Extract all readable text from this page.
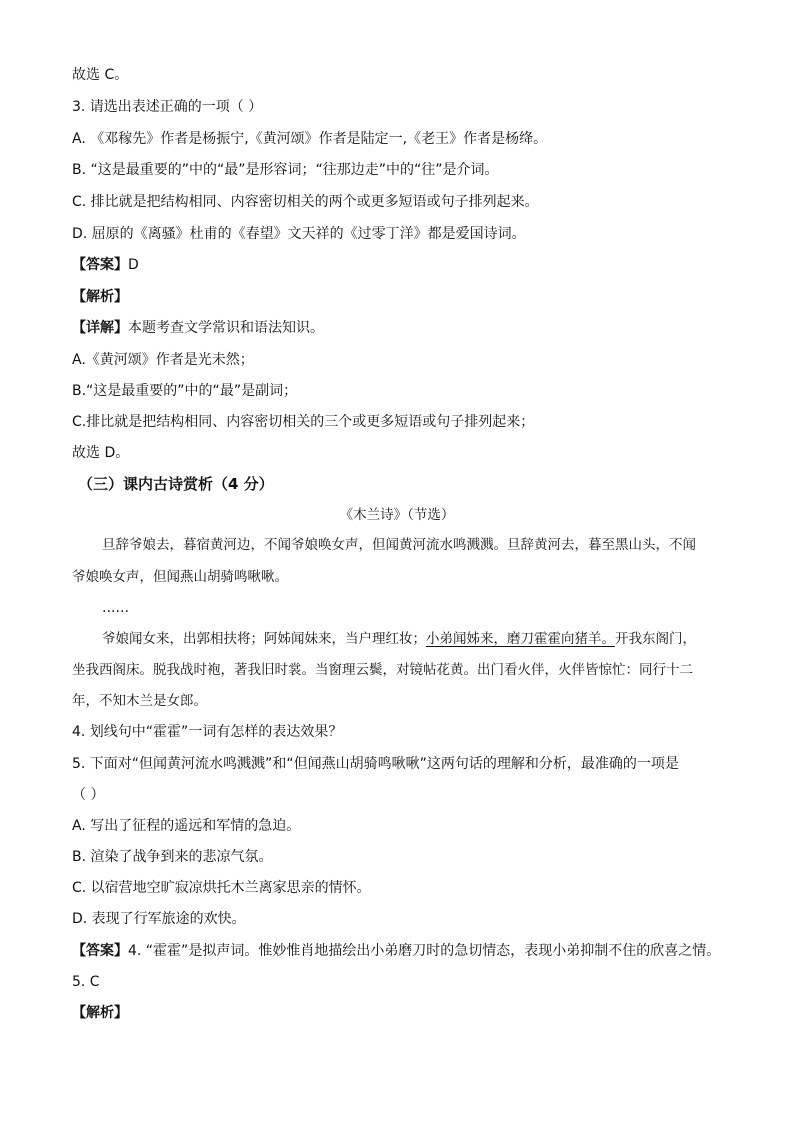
故选 C。
3. 请选出表述正确的一项（ ）
A. 《邓稼先》作者是杨振宁,《黄河颂》作者是陆定一,《老王》作者是杨绛。
B. “这是最重要的”中的“最”是形容词；“往那边走”中的“往”是介词。
C. 排比就是把结构相同、内容密切相关的两个或更多短语或句子排列起来。
D. 屈原的《离骚》杜甫的《春望》文天祥的《过零丁洋》都是爱国诗词。
【答案】D
【解析】
【详解】本题考查文学常识和语法知识。
A.《黄河颂》作者是光未然；
B.“这是最重要的”中的“最”是副词；
C.排比就是把结构相同、内容密切相关的三个或更多短语或句子排列起来；
故选 D。
（三）课内古诗赏析（4 分）
《木兰诗》（节选）
旦辞爷娘去，暮宿黄河边，不闻爷娘唤女声，但闻黄河流水鸣溅溅。旦辞黄河去，暮至黑山头，不闻
爷娘唤女声，但闻燕山胡骑鸣啾啾。
……
爷娘闻女来，出郭相扶将；阿姊闻妹来，当户理红妆；小弟闻姊来，磨刀霍霍向猪羊。开我东阁门，
坐我西阁床。脱我战时袍，著我旧时裳。当窗理云鬓，对镜帖花黄。出门看火伴，火伴皆惊忙：同行十二
年，不知木兰是女郎。
4. 划线句中“霍霍”一词有怎样的表达效果？
5. 下面对“但闻黄河流水鸣溅溅”和“但闻燕山胡骑鸣啾啾”这两句话的理解和分析，最准确的一项是
（ ）
A. 写出了征程的遥远和军情的急迫。
B. 渲染了战争到来的悲凉气氛。
C. 以宿营地空旷寂凉烘托木兰离家思亲的情怀。
D. 表现了行军旅途的欢快。
【答案】4. “霍霍”是拟声词。惟妙惟肖地描绘出小弟磨刀时的急切情态，表现小弟抑制不住的欣喜之情。
5. C
【解析】
